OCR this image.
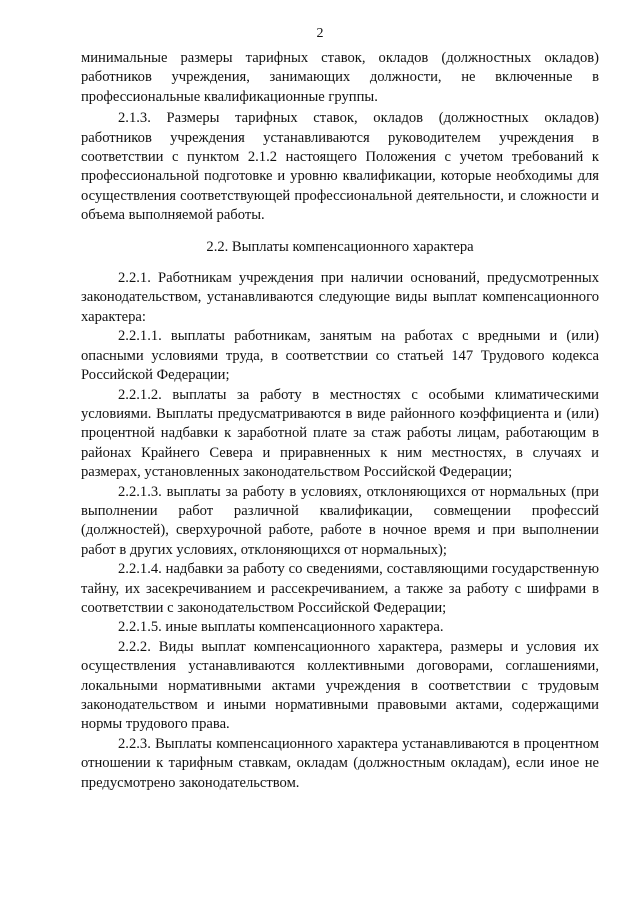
2

минимальные размеры тарифных ставок, окладов (должностных окладов) работников учреждения, занимающих должности, не включенные в профессиональные квалификационные группы.

2.1.3. Размеры тарифных ставок, окладов (должностных окладов) работников учреждения устанавливаются руководителем учреждения в соответствии с пунктом 2.1.2 настоящего Положения с учетом требований к профессиональной подготовке и уровню квалификации, которые необходимы для осуществления соответствующей профессиональной деятельности, и сложности и объема выполняемой работы.

2.2. Выплаты компенсационного характера

2.2.1. Работникам учреждения при наличии оснований, предусмотренных законодательством, устанавливаются следующие виды выплат компенсационного характера:

2.2.1.1. выплаты работникам, занятым на работах с вредными и (или) опасными условиями труда, в соответствии со статьей 147 Трудового кодекса Российской Федерации;

2.2.1.2. выплаты за работу в местностях с особыми климатическими условиями. Выплаты предусматриваются в виде районного коэффициента и (или) процентной надбавки к заработной плате за стаж работы лицам, работающим в районах Крайнего Севера и приравненных к ним местностях, в случаях и размерах, установленных законодательством Российской Федерации;

2.2.1.3. выплаты за работу в условиях, отклоняющихся от нормальных (при выполнении работ различной квалификации, совмещении профессий (должностей), сверхурочной работе, работе в ночное время и при выполнении работ в других условиях, отклоняющихся от нормальных);

2.2.1.4. надбавки за работу со сведениями, составляющими государственную тайну, их засекречиванием и рассекречиванием, а также за работу с шифрами в соответствии с законодательством Российской Федерации;

2.2.1.5. иные выплаты компенсационного характера.

2.2.2. Виды выплат компенсационного характера, размеры и условия их осуществления устанавливаются коллективными договорами, соглашениями, локальными нормативными актами учреждения в соответствии с трудовым законодательством и иными нормативными правовыми актами, содержащими нормы трудового права.

2.2.3. Выплаты компенсационного характера устанавливаются в процентном отношении к тарифным ставкам, окладам (должностным окладам), если иное не предусмотрено законодательством.
